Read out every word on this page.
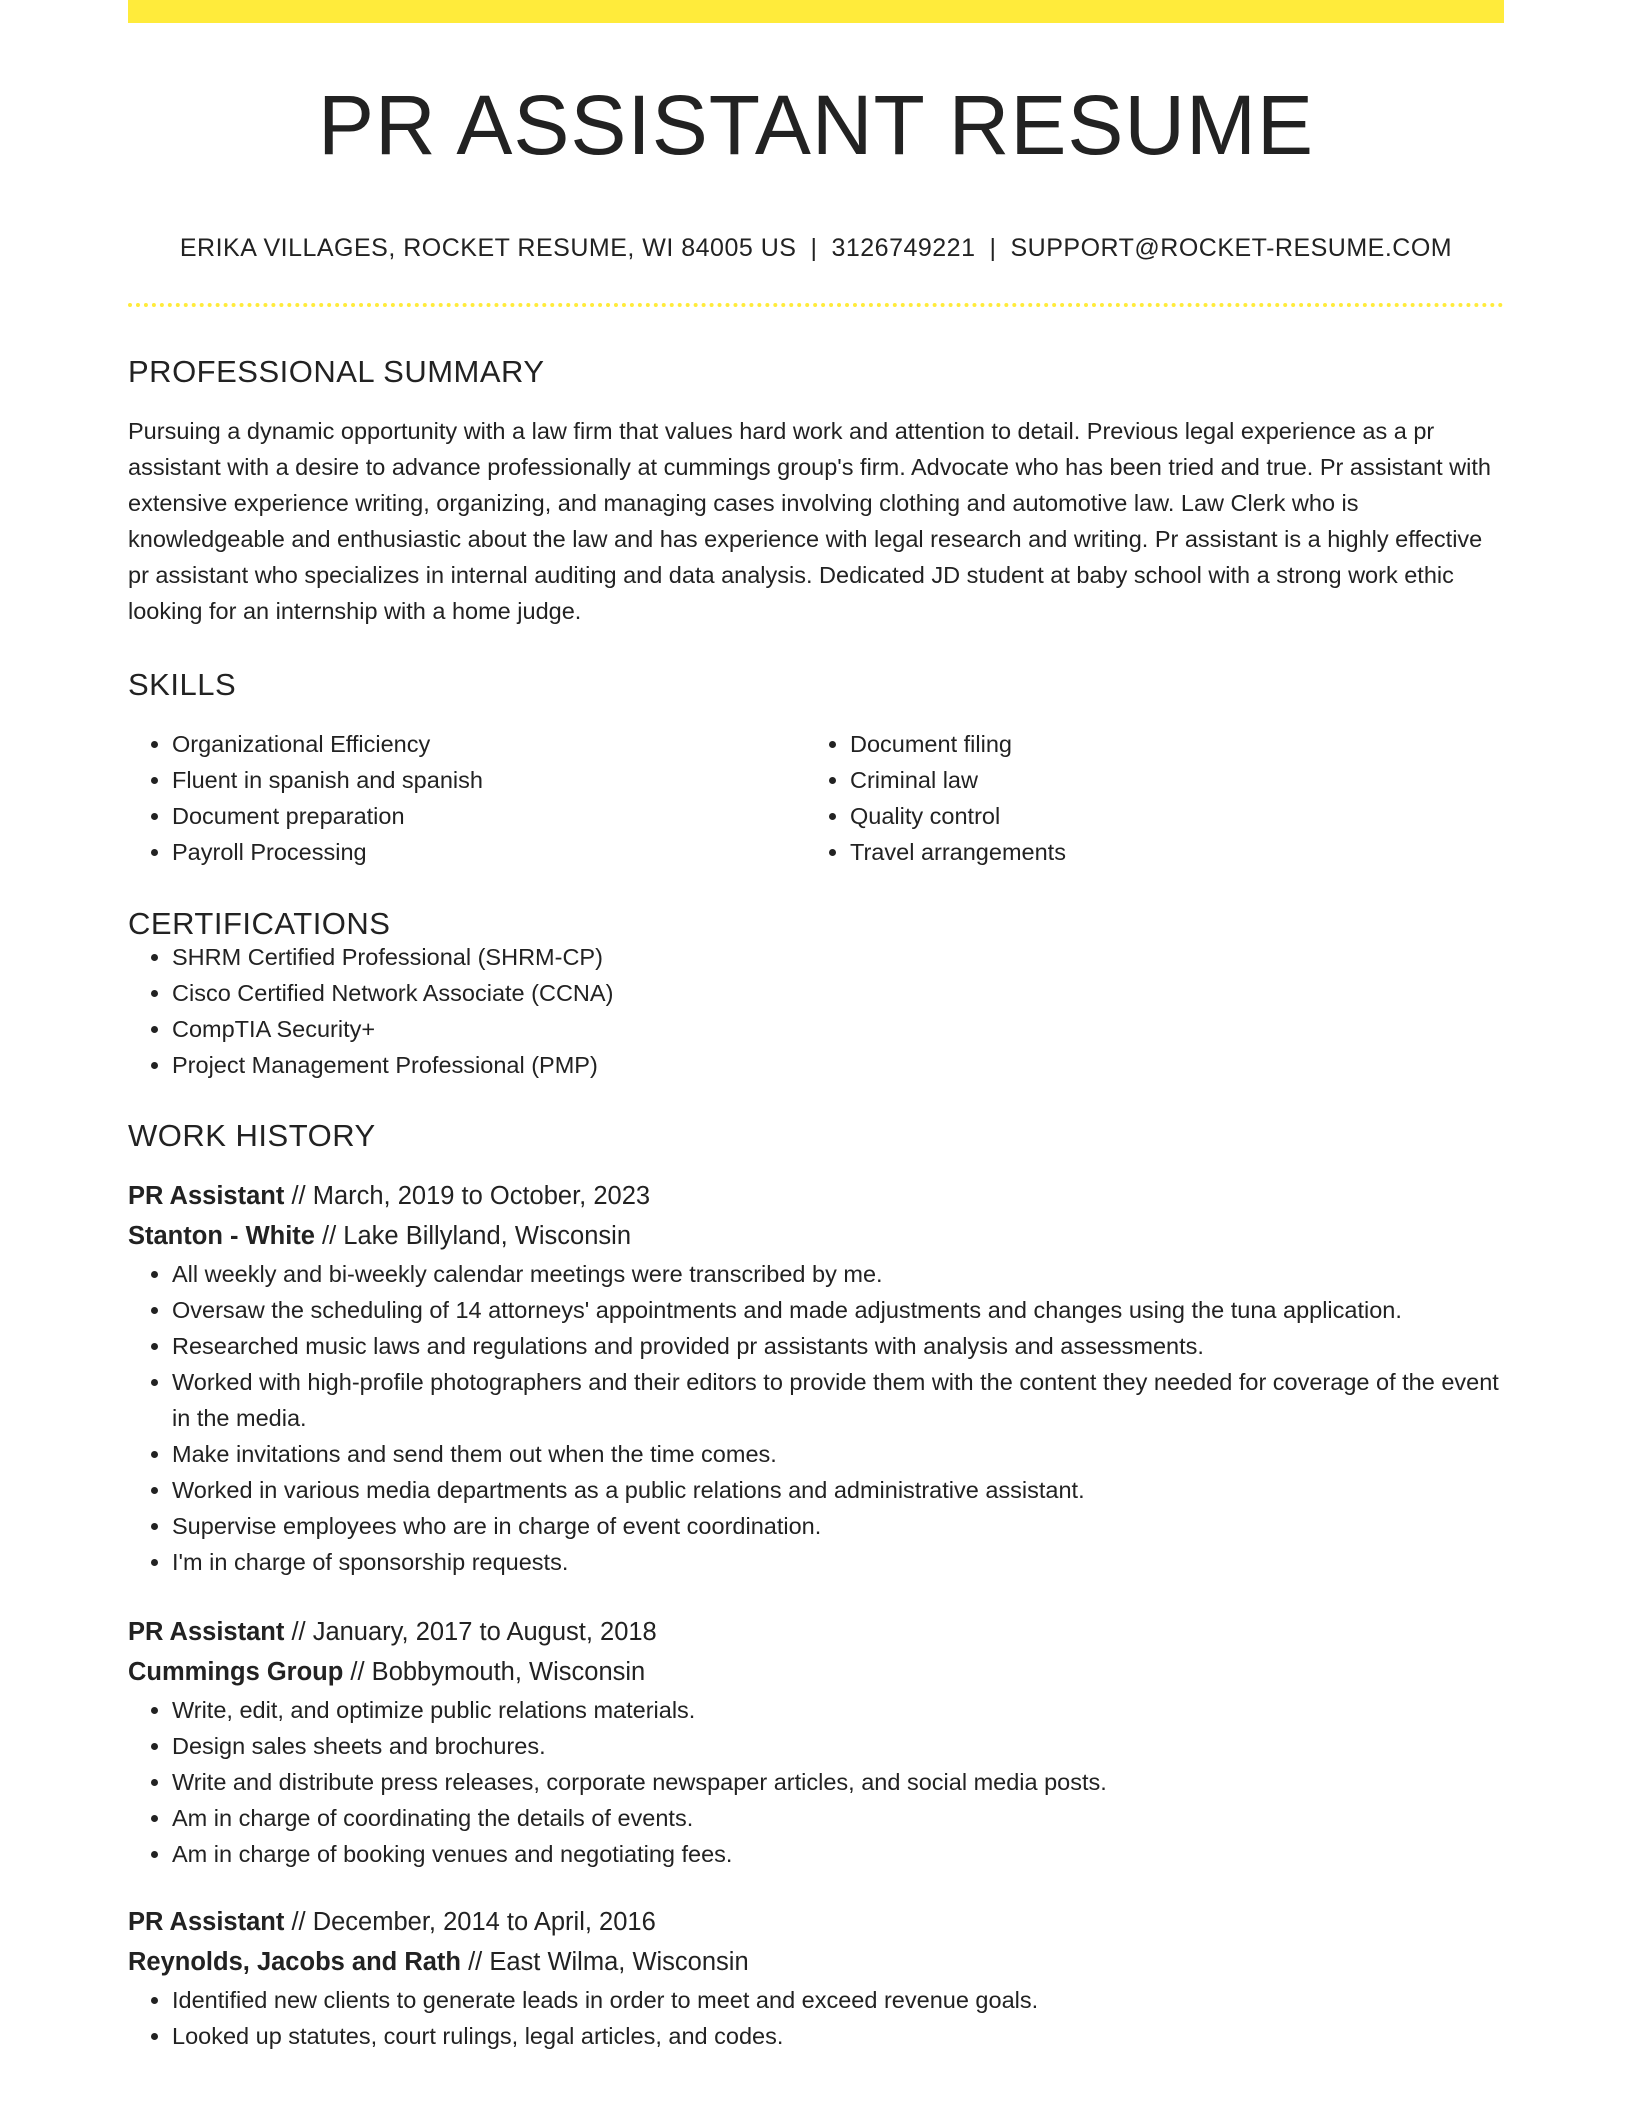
PR ASSISTANT RESUME
ERIKA VILLAGES, ROCKET RESUME, WI 84005 US | 3126749221 | SUPPORT@ROCKET-RESUME.COM
PROFESSIONAL SUMMARY

Pursuing a dynamic opportunity with a law firm that values hard work and attention to detail. Previous legal experience as a pr assistant with a desire to advance professionally at cummings group's firm. Advocate who has been tried and true. Pr assistant with extensive experience writing, organizing, and managing cases involving clothing and automotive law. Law Clerk who is knowledgeable and enthusiastic about the law and has experience with legal research and writing. Pr assistant is a highly effective pr assistant who specializes in internal auditing and data analysis. Dedicated JD student at baby school with a strong work ethic looking for an internship with a home judge.

SKILLS
• Organizational Efficiency
• Fluent in spanish and spanish
• Document preparation
• Payroll Processing
• Document filing
• Criminal law
• Quality control
• Travel arrangements
CERTIFICATIONS
• SHRM Certified Professional (SHRM-CP)
• Cisco Certified Network Associate (CCNA)
• CompTIA Security+
• Project Management Professional (PMP)
WORK HISTORY
PR Assistant // March, 2019 to October, 2023
Stanton - White // Lake Billyland, Wisconsin
• All weekly and bi-weekly calendar meetings were transcribed by me.
• Oversaw the scheduling of 14 attorneys' appointments and made adjustments and changes using the tuna application.
• Researched music laws and regulations and provided pr assistants with analysis and assessments.
• Worked with high-profile photographers and their editors to provide them with the content they needed for coverage of the event in the media.
• Make invitations and send them out when the time comes.
• Worked in various media departments as a public relations and administrative assistant.
• Supervise employees who are in charge of event coordination.
• I'm in charge of sponsorship requests.
PR Assistant // January, 2017 to August, 2018
Cummings Group // Bobbymouth, Wisconsin
• Write, edit, and optimize public relations materials.
• Design sales sheets and brochures.
• Write and distribute press releases, corporate newspaper articles, and social media posts.
• Am in charge of coordinating the details of events.
• Am in charge of booking venues and negotiating fees.
PR Assistant // December, 2014 to April, 2016
Reynolds, Jacobs and Rath // East Wilma, Wisconsin
• Identified new clients to generate leads in order to meet and exceed revenue goals.
• Looked up statutes, court rulings, legal articles, and codes.
